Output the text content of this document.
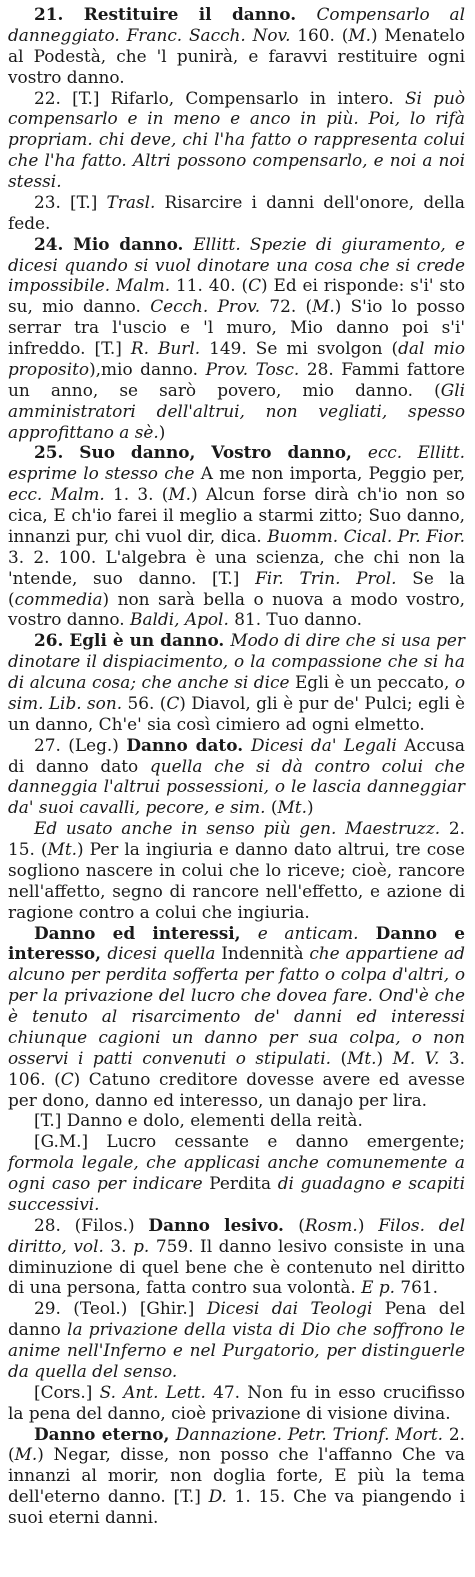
21. Restituire il danno. Compensarlo al danneggiato. Franc. Sacch. Nov. 160. (M.) Menatelo al Podestà, che 'l punirà, e faravvi restituire ogni vostro danno.

22. [T.] Rifarlo, Compensarlo in intero. Si può compensarlo e in meno e anco in più. Poi, lo rifà propriam. chi deve, chi l'ha fatto o rappresenta colui che l'ha fatto. Altri possono compensarlo, e noi a noi stessi.

23. [T.] Trasl. Risarcire i danni dell'onore, della fede.

24. Mio danno. Ellitt. Spezie di giuramento, e dicesi quando si vuol dinotare una cosa che si crede impossibile. Malm. 11. 40. (C) Ed ei risponde: s'i' sto su, mio danno. Cecch. Prov. 72. (M.) S'io lo posso serrar tra l'uscio e 'l muro, Mio danno poi s'i' infreddo. [T.] R. Burl. 149. Se mi svolgon (dal mio proposito),mio danno. Prov. Tosc. 28. Fammi fattore un anno, se sarò povero, mio danno. (Gli amministratori dell'altrui, non vegliati, spesso approfittano a sè.)

25. Suo danno, Vostro danno, ecc. Ellitt. esprime lo stesso che A me non importa, Peggio per, ecc. Malm. 1. 3. (M.) Alcun forse dirà ch'io non so cica, E ch'io farei il meglio a starmi zitto; Suo danno, innanzi pur, chi vuol dir, dica. Buomm. Cical. Pr. Fior. 3. 2. 100. L'algebra è una scienza, che chi non la 'ntende, suo danno. [T.] Fir. Trin. Prol. Se la (commedia) non sarà bella o nuova a modo vostro, vostro danno. Baldi, Apol. 81. Tuo danno.

26. Egli è un danno. Modo di dire che si usa per dinotare il dispiacimento, o la compassione che si ha di alcuna cosa; che anche si dice Egli è un peccato, o sim. Lib. son. 56. (C) Diavol, gli è pur de' Pulci; egli è un danno, Ch'e' sia così cimiero ad ogni elmetto.

27. (Leg.) Danno dato. Dicesi da' Legali Accusa di danno dato quella che si dà contro colui che danneggia l'altrui possessioni, o le lascia danneggiar da' suoi cavalli, pecore, e sim. (Mt.)

Ed usato anche in senso più gen. Maestruzz. 2. 15. (Mt.) Per la ingiuria e danno dato altrui, tre cose sogliono nascere in colui che lo riceve; cioè, rancore nell'affetto, segno di rancore nell'effetto, e azione di ragione contro a colui che ingiuria.

Danno ed interessi, e anticam. Danno e interesso, dicesi quella Indennità che appartiene ad alcuno per perdita sofferta per fatto o colpa d'altri, o per la privazione del lucro che dovea fare. Ond'è che è tenuto al risarcimento de' danni ed interessi chiunque cagioni un danno per sua colpa, o non osservi i patti convenuti o stipulati. (Mt.) M. V. 3. 106. (C) Catuno creditore dovesse avere ed avesse per dono, danno ed interesso, un danajo per lira.

[T.] Danno e dolo, elementi della reità.

[G.M.] Lucro cessante e danno emergente; formola legale, che applicasi anche comunemente a ogni caso per indicare Perdita di guadagno e scapiti successivi.

28. (Filos.) Danno lesivo. (Rosm.) Filos. del diritto, vol. 3. p. 759. Il danno lesivo consiste in una diminuzione di quel bene che è contenuto nel diritto di una persona, fatta contro sua volontà. E p. 761.

29. (Teol.) [Ghir.] Dicesi dai Teologi Pena del danno la privazione della vista di Dio che soffrono le anime nell'Inferno e nel Purgatorio, per distinguerle da quella del senso.

[Cors.] S. Ant. Lett. 47. Non fu in esso crucifisso la pena del danno, cioè privazione di visione divina.

Danno eterno, Dannazione. Petr. Trionf. Mort. 2. (M.) Negar, disse, non posso che l'affanno Che va innanzi al morir, non doglia forte, E più la tema dell'eterno danno. [T.] D. 1. 15. Che va piangendo i suoi eterni danni.
